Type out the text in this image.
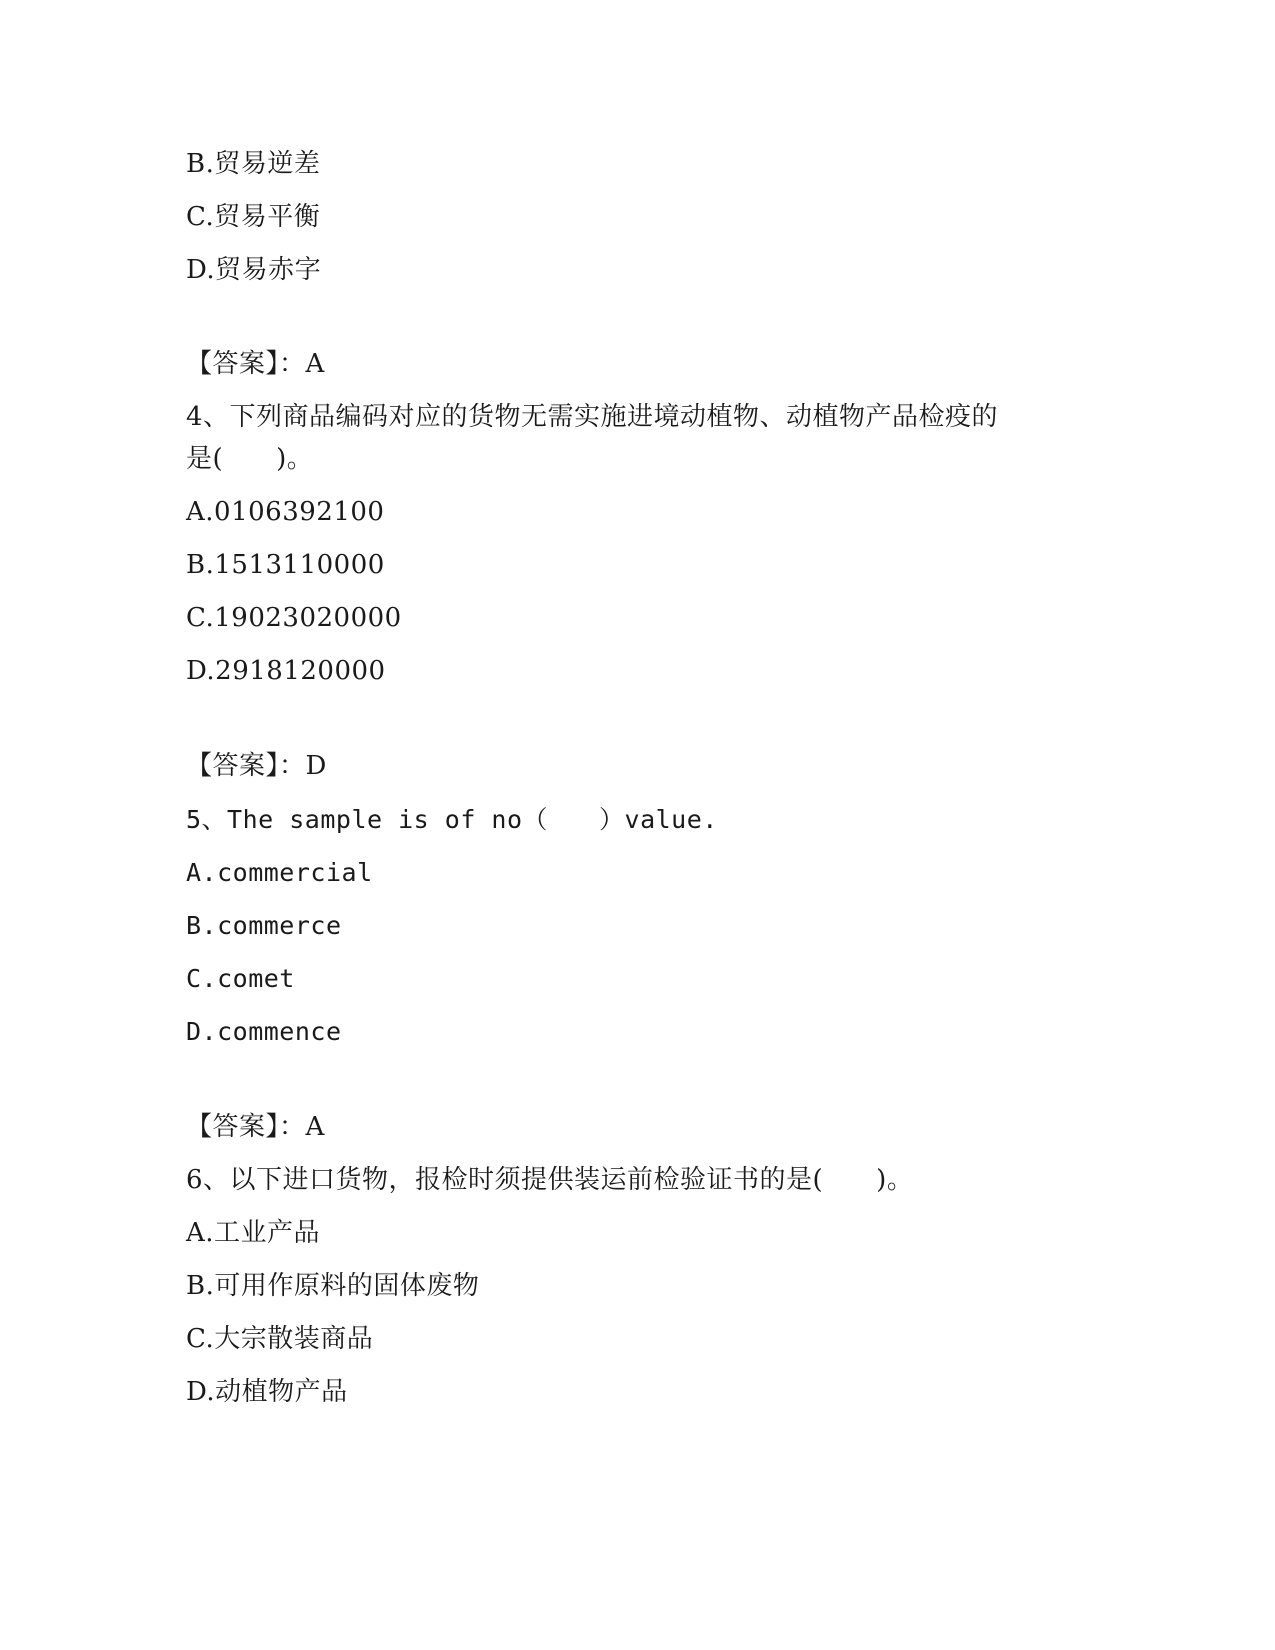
B.贸易逆差
C.贸易平衡
D.贸易赤字
【答案】：A
4、下列商品编码对应的货物无需实施进境动植物、动植物产品检疫的
是(　　)。
A.0106392100
B.1513110000
C.19023020000
D.2918120000
【答案】：D
5、The sample is of no（　　）value.
A.commercial
B.commerce
C.comet
D.commence
【答案】：A
6、以下进口货物，报检时须提供装运前检验证书的是(　　)。
A.工业产品
B.可用作原料的固体废物
C.大宗散装商品
D.动植物产品
